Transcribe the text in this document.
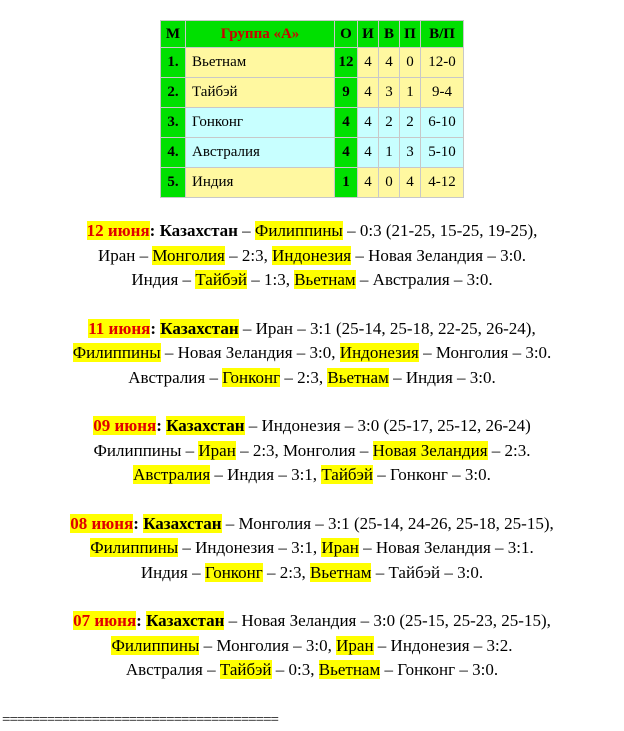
М	Группа «А»	О	И	В	П	В/П
1.	Вьетнам	12	4	4	0	12-0
2.	Тайбэй	9	4	3	1	9-4
3.	Гонконг	4	4	2	2	6-10
4.	Австралия	4	4	1	3	5-10
5.	Индия	1	4	0	4	4-12
12 июня: Казахстан – Филиппины – 0:3 (21-25, 15-25, 19-25),
Иран – Монголия – 2:3, Индонезия – Новая Зеландия – 3:0.
Индия – Тайбэй – 1:3, Вьетнам – Австралия – 3:0.
11 июня: Казахстан – Иран – 3:1 (25-14, 25-18, 22-25, 26-24),
Филиппины – Новая Зеландия – 3:0, Индонезия – Монголия – 3:0.
Австралия – Гонконг – 2:3, Вьетнам – Индия – 3:0.
09 июня: Казахстан – Индонезия – 3:0 (25-17, 25-12, 26-24)
Филиппины – Иран – 2:3, Монголия – Новая Зеландия – 2:3.
Австралия – Индия – 3:1, Тайбэй – Гонконг – 3:0.
08 июня: Казахстан – Монголия – 3:1 (25-14, 24-26, 25-18, 25-15),
Филиппины – Индонезия – 3:1, Иран – Новая Зеландия – 3:1.
Индия – Гонконг – 2:3, Вьетнам – Тайбэй – 3:0.
07 июня: Казахстан – Новая Зеландия – 3:0 (25-15, 25-23, 25-15),
Филиппины – Монголия – 3:0, Иран – Индонезия – 3:2.
Австралия – Тайбэй – 0:3, Вьетнам – Гонконг – 3:0.
=====================================
